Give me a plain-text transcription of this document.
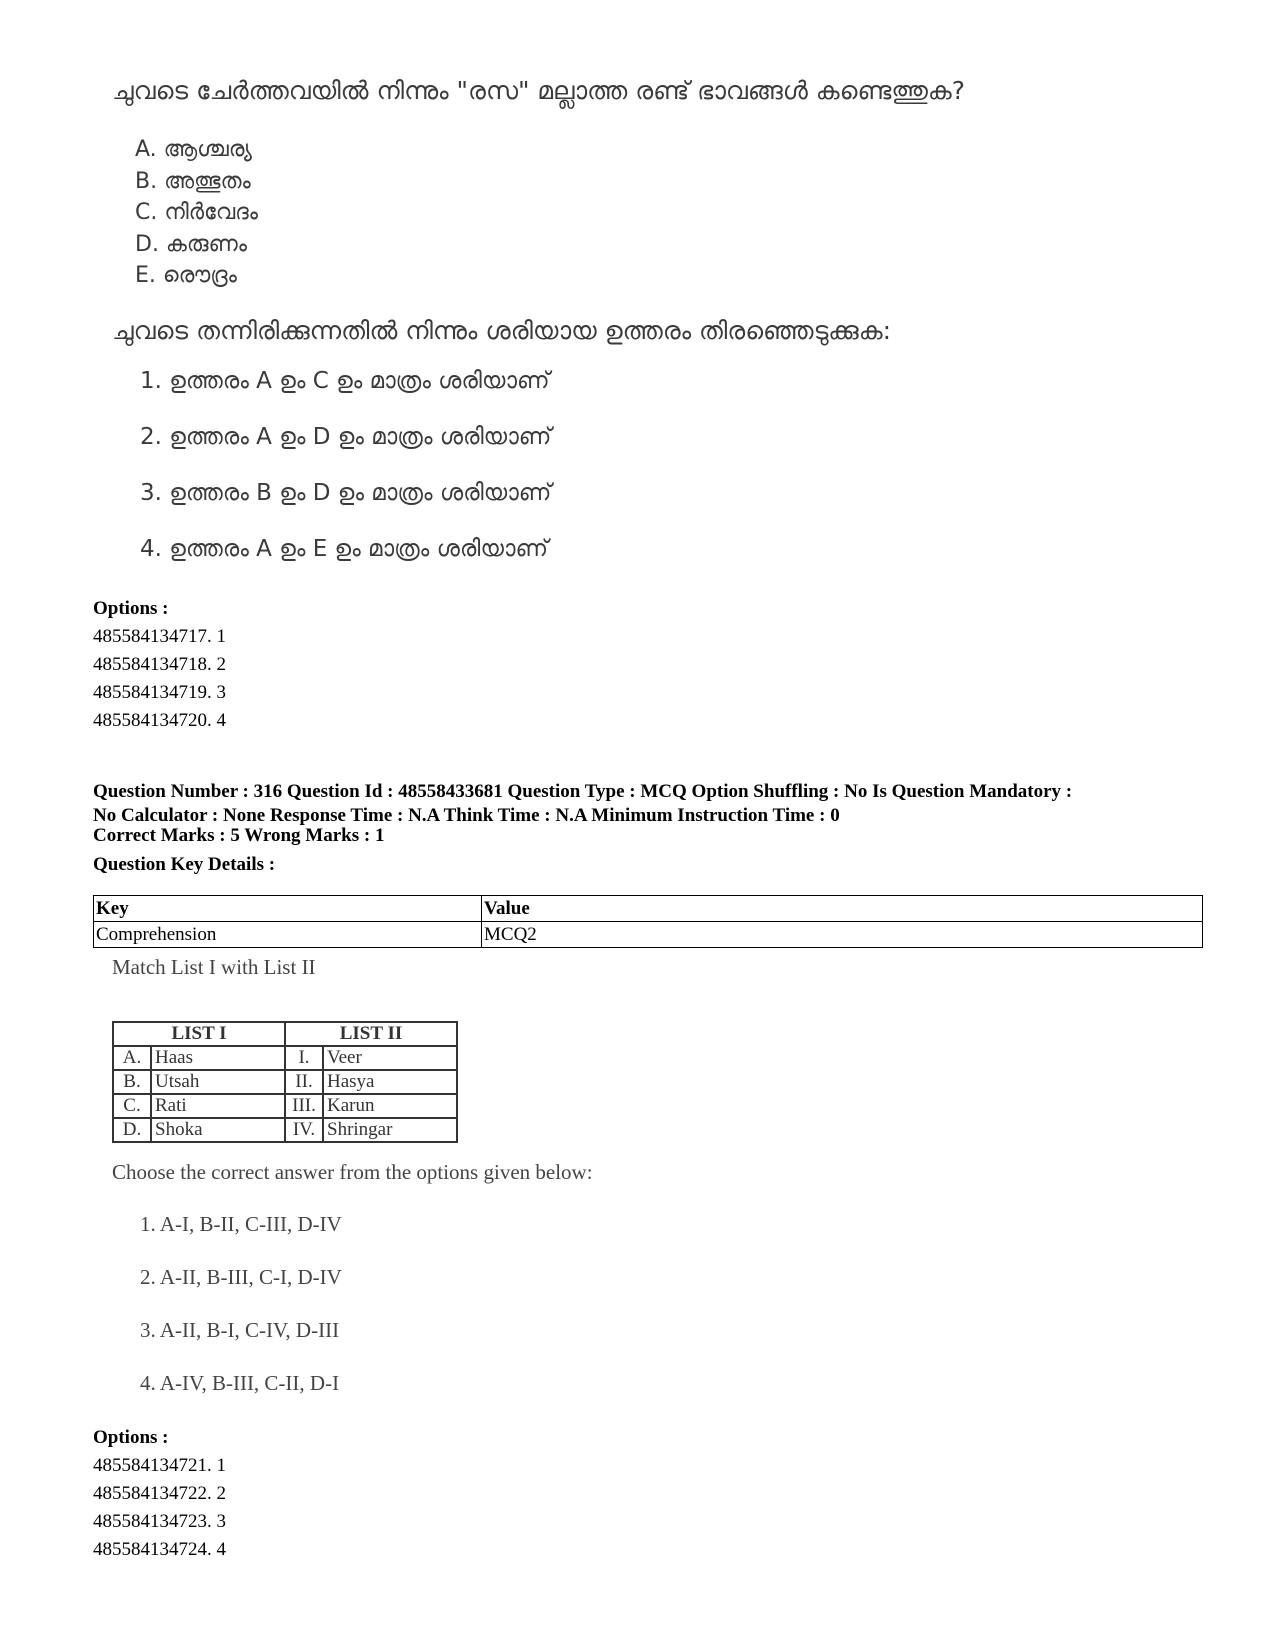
ചുവടെ ചേർത്തവയിൽ നിന്നും "രസ" മല്ലാത്ത രണ്ട് ഭാവങ്ങൾ കണ്ടെത്തുക?
A. ആശ്ചര്യ
B. അത്ഭുതം
C. നിർവേദം
D. കരുണം
E. രൌദ്രം
ചുവടെ തന്നിരിക്കുന്നതിൽ നിന്നും ശരിയായ ഉത്തരം തിരഞ്ഞെടുക്കുക:
1. ഉത്തരം A ഉം C ഉം മാത്രം ശരിയാണ്
2. ഉത്തരം A ഉം D ഉം മാത്രം ശരിയാണ്
3. ഉത്തരം B ഉം D ഉം മാത്രം ശരിയാണ്
4. ഉത്തരം A ഉം E ഉം മാത്രം ശരിയാണ്
Options :
485584134717. 1
485584134718. 2
485584134719. 3
485584134720. 4
Question Number : 316 Question Id : 48558433681 Question Type : MCQ Option Shuffling : No Is Question Mandatory :
No Calculator : None Response Time : N.A Think Time : N.A Minimum Instruction Time : 0
Correct Marks : 5 Wrong Marks : 1
Question Key Details :
Key	Value
Comprehension	MCQ2
Match List I with List II
LIST I		LIST II	
A.	Haas	I.	Veer
B.	Utsah	II.	Hasya
C.	Rati	III.	Karun
D.	Shoka	IV.	Shringar
Choose the correct answer from the options given below:
1. A-I, B-II, C-III, D-IV
2. A-II, B-III, C-I, D-IV
3. A-II, B-I, C-IV, D-III
4. A-IV, B-III, C-II, D-I
Options :
485584134721. 1
485584134722. 2
485584134723. 3
485584134724. 4
